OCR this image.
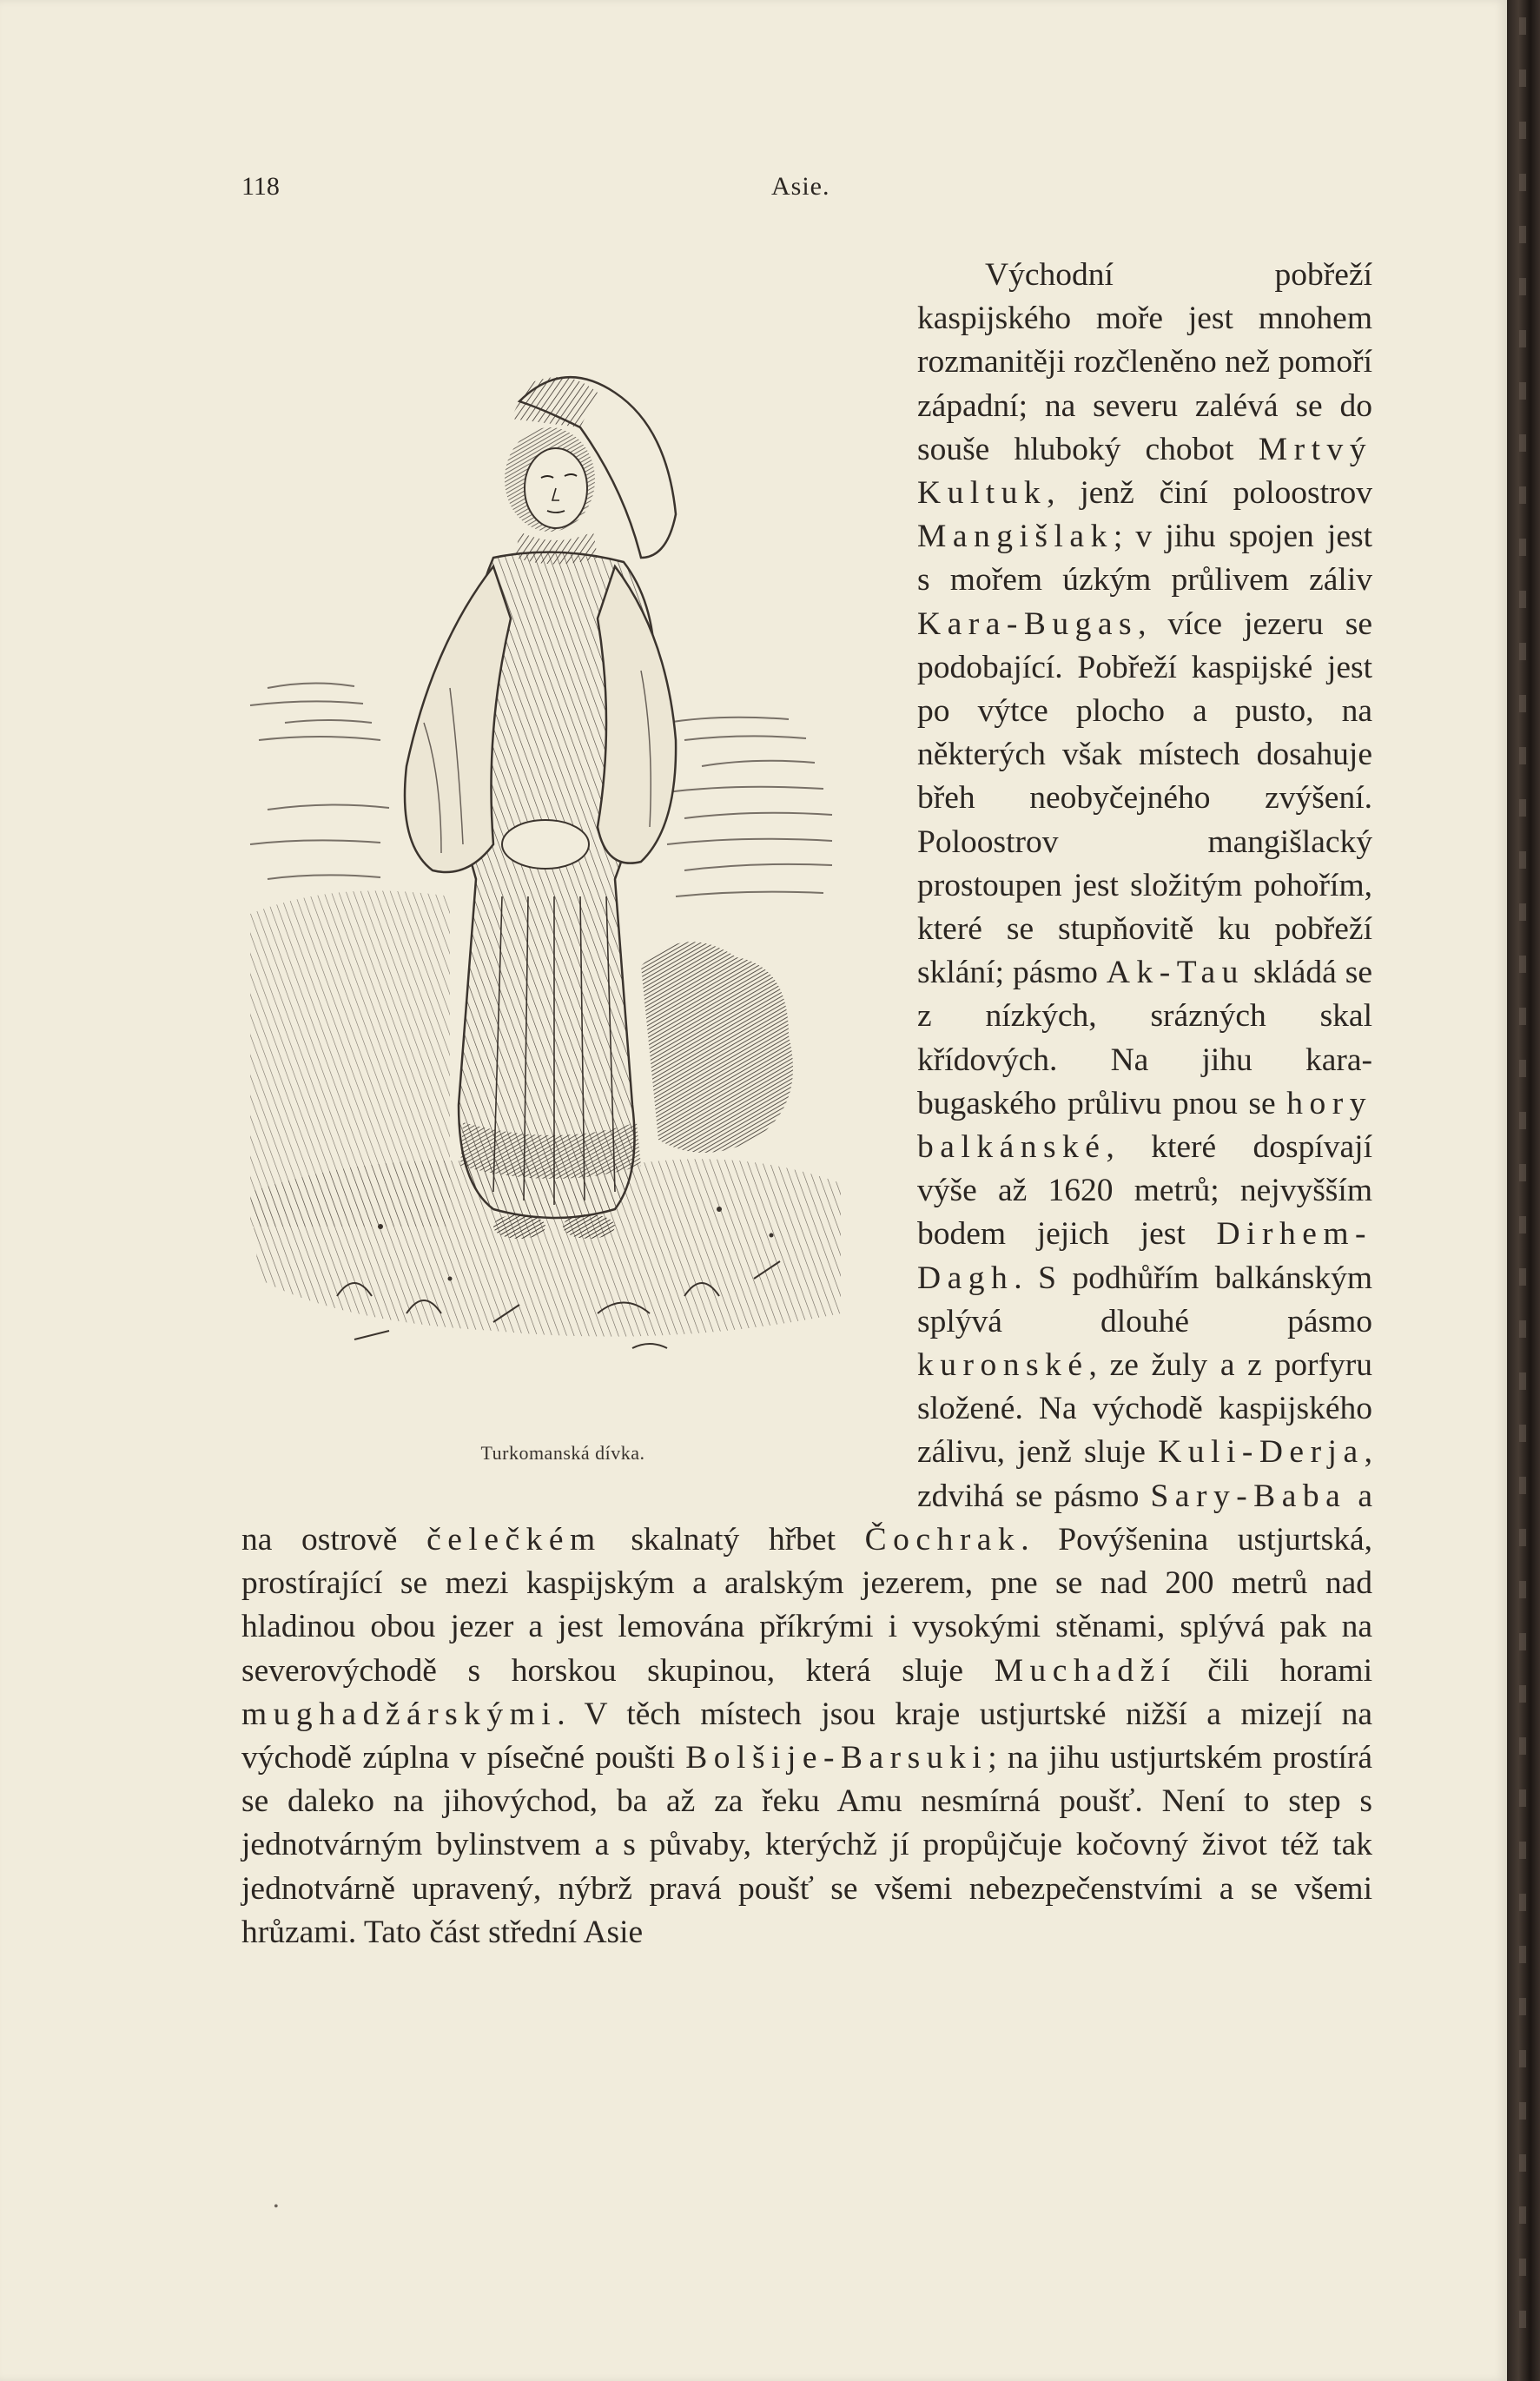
118	Asie.
Turkomanská dívka.

Východní pobřeží kaspijského moře jest mnohem rozmanitěji rozčleněno než pomoří západní; na severu zalévá se do souše hluboký chobot Mrtvý Kultuk, jenž činí poloostrov Mangišlak; v jihu spojen jest s mořem úzkým průlivem záliv Kara-Bugas, více jezeru se podobající. Pobřeží kaspijské jest po výtce plocho a pusto, na některých však místech dosahuje břeh neobyčejného zvýšení. Poloostrov mangišlacký prostoupen jest složitým pohořím, které se stupňovitě ku pobřeží sklání; pásmo Ak-Tau skládá se z nízkých, srázných skal křídových. Na jihu kara-bugaského průlivu pnou se hory balkánské, které dospívají výše až 1620 metrů; nejvyšším bodem jejich jest Dirhem-Dagh. S podhůřím balkánským splývá dlouhé pásmo kuronské, ze žuly a z porfyru složené. Na východě kaspijského zálivu, jenž sluje Kuli-Derja, zdvihá se pásmo Sary-Baba a na ostrově čelečkém skalnatý hřbet Čochrak. Povýšenina ustjurtská, prostírající se mezi kaspijským a aralským jezerem, pne se nad 200 metrů nad hladinou obou jezer a jest lemována příkrými i vysokými stěnami, splývá pak na severovýchodě s horskou skupinou, která sluje Muchadží čili horami mughadžárskými. V těch místech jsou kraje ustjurtské nižší a mizejí na východě zúplna v písečné poušti Bolšije-Barsuki; na jihu ustjurtském prostírá se daleko na jihovýchod, ba až za řeku Amu nesmírná poušť. Není to step s jednotvárným bylinstvem a s půvaby, kterýchž jí propůjčuje kočovný život též tak jednotvárně upravený, nýbrž pravá poušť se všemi nebezpečenstvími a se všemi hrůzami. Tato část střední Asie

•
